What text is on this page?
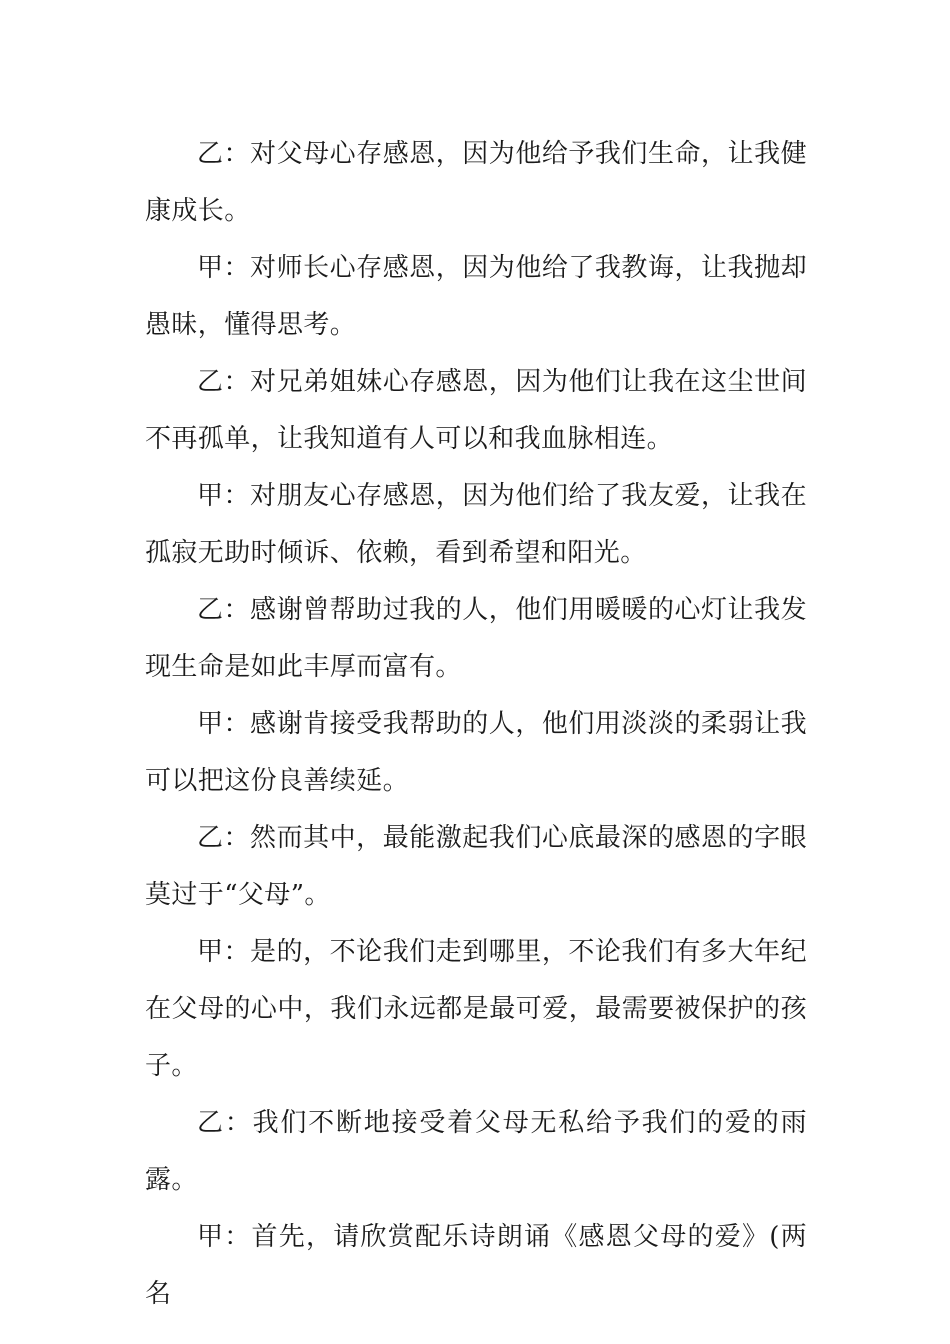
乙：对父母心存感恩，因为他给予我们生命，让我健康成长。

甲：对师长心存感恩，因为他给了我教诲，让我抛却愚昧，懂得思考。

乙：对兄弟姐妹心存感恩，因为他们让我在这尘世间不再孤单，让我知道有人可以和我血脉相连。

甲：对朋友心存感恩，因为他们给了我友爱，让我在孤寂无助时倾诉、依赖，看到希望和阳光。

乙：感谢曾帮助过我的人，他们用暖暖的心灯让我发现生命是如此丰厚而富有。

甲：感谢肯接受我帮助的人，他们用淡淡的柔弱让我可以把这份良善续延。

乙：然而其中，最能激起我们心底最深的感恩的字眼莫过于“父母”。

甲：是的，不论我们走到哪里，不论我们有多大年纪在父母的心中，我们永远都是最可爱，最需要被保护的孩子。

乙：我们不断地接受着父母无私给予我们的爱的雨露。

甲：首先，请欣赏配乐诗朗诵《感恩父母的爱》(两名
